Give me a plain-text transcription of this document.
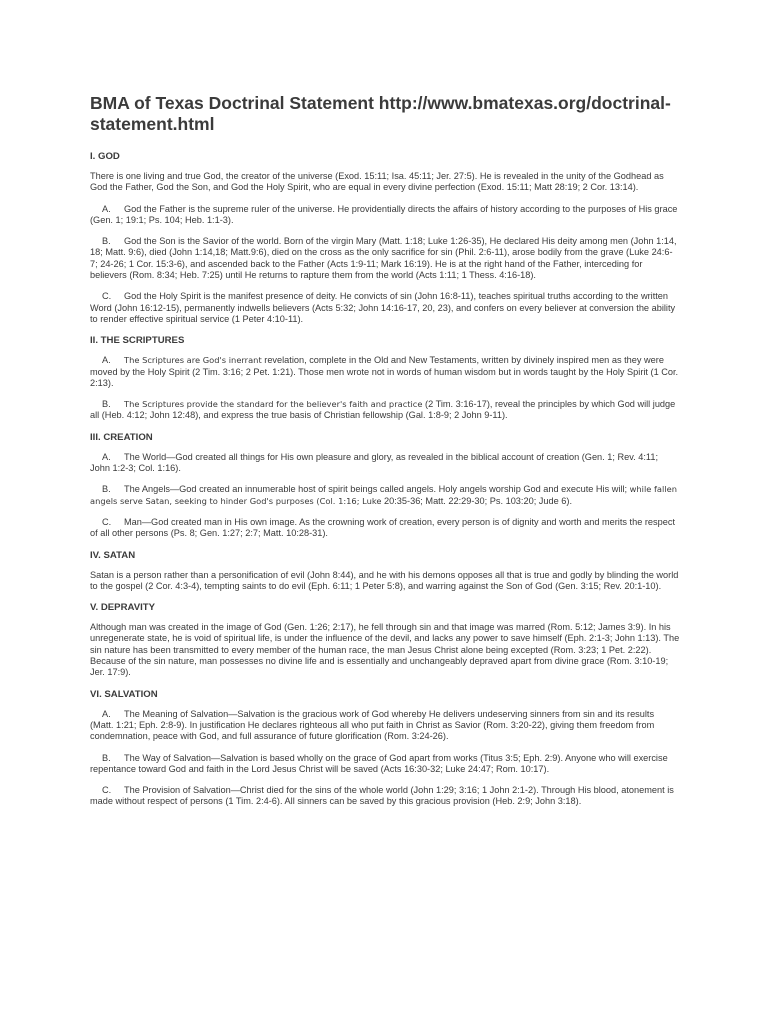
BMA of Texas Doctrinal Statement http://www.bmatexas.org/doctrinal-statement.html
I. GOD

There is one living and true God, the creator of the universe (Exod. 15:11; Isa. 45:11; Jer. 27:5). He is revealed in the unity of the Godhead as God the Father, God the Son, and God the Holy Spirit, who are equal in every divine perfection (Exod. 15:11; Matt 28:19; 2 Cor. 13:14).

A. God the Father is the supreme ruler of the universe. He providentially directs the affairs of history according to the purposes of His grace (Gen. 1; 19:1; Ps. 104; Heb. 1:1-3).

B. God the Son is the Savior of the world. Born of the virgin Mary (Matt. 1:18; Luke 1:26-35), He declared His deity among men (John 1:14, 18; Matt. 9:6), died (John 1:14,18; Matt.9:6), died on the cross as the only sacrifice for sin (Phil. 2:6-11), arose bodily from the grave (Luke 24:6-7; 24-26; 1 Cor. 15:3-6), and ascended back to the Father (Acts 1:9-11; Mark 16:19). He is at the right hand of the Father, interceding for believers (Rom. 8:34; Heb. 7:25) until He returns to rapture them from the world (Acts 1:11; 1 Thess. 4:16-18).

C. God the Holy Spirit is the manifest presence of deity. He convicts of sin (John 16:8-11), teaches spiritual truths according to the written Word (John 16:12-15), permanently indwells believers (Acts 5:32; John 14:16-17, 20, 23), and confers on every believer at conversion the ability to render effective spiritual service (1 Peter 4:10-11).

II. THE SCRIPTURES

A. The Scriptures are God's inerrant revelation, complete in the Old and New Testaments, written by divinely inspired men as they were moved by the Holy Spirit (2 Tim. 3:16; 2 Pet. 1:21). Those men wrote not in words of human wisdom but in words taught by the Holy Spirit (1 Cor. 2:13).

B. The Scriptures provide the standard for the believer's faith and practice (2 Tim. 3:16-17), reveal the principles by which God will judge all (Heb. 4:12; John 12:48), and express the true basis of Christian fellowship (Gal. 1:8-9; 2 John 9-11).

III. CREATION

A. The World—God created all things for His own pleasure and glory, as revealed in the biblical account of creation (Gen. 1; Rev. 4:11; John 1:2-3; Col. 1:16).

B. The Angels—God created an innumerable host of spirit beings called angels. Holy angels worship God and execute His will; while fallen angels serve Satan, seeking to hinder God's purposes (Col. 1:16; Luke 20:35-36; Matt. 22:29-30; Ps. 103:20; Jude 6).

C. Man—God created man in His own image. As the crowning work of creation, every person is of dignity and worth and merits the respect of all other persons (Ps. 8; Gen. 1:27; 2:7; Matt. 10:28-31).

IV. SATAN

Satan is a person rather than a personification of evil (John 8:44), and he with his demons opposes all that is true and godly by blinding the world to the gospel (2 Cor. 4:3-4), tempting saints to do evil (Eph. 6:11; 1 Peter 5:8), and warring against the Son of God (Gen. 3:15; Rev. 20:1-10).

V. DEPRAVITY

Although man was created in the image of God (Gen. 1:26; 2:17), he fell through sin and that image was marred (Rom. 5:12; James 3:9). In his unregenerate state, he is void of spiritual life, is under the influence of the devil, and lacks any power to save himself (Eph. 2:1-3; John 1:13). The sin nature has been transmitted to every member of the human race, the man Jesus Christ alone being excepted (Rom. 3:23; 1 Pet. 2:22). Because of the sin nature, man possesses no divine life and is essentially and unchangeably depraved apart from divine grace (Rom. 3:10-19; Jer. 17:9).

VI. SALVATION

A. The Meaning of Salvation—Salvation is the gracious work of God whereby He delivers undeserving sinners from sin and its results (Matt. 1:21; Eph. 2:8-9). In justification He declares righteous all who put faith in Christ as Savior (Rom. 3:20-22), giving them freedom from condemnation, peace with God, and full assurance of future glorification (Rom. 3:24-26).

B. The Way of Salvation—Salvation is based wholly on the grace of God apart from works (Titus 3:5; Eph. 2:9). Anyone who will exercise repentance toward God and faith in the Lord Jesus Christ will be saved (Acts 16:30-32; Luke 24:47; Rom. 10:17).

C. The Provision of Salvation—Christ died for the sins of the whole world (John 1:29; 3:16; 1 John 2:1-2). Through His blood, atonement is made without respect of persons (1 Tim. 2:4-6). All sinners can be saved by this gracious provision (Heb. 2:9; John 3:18).
